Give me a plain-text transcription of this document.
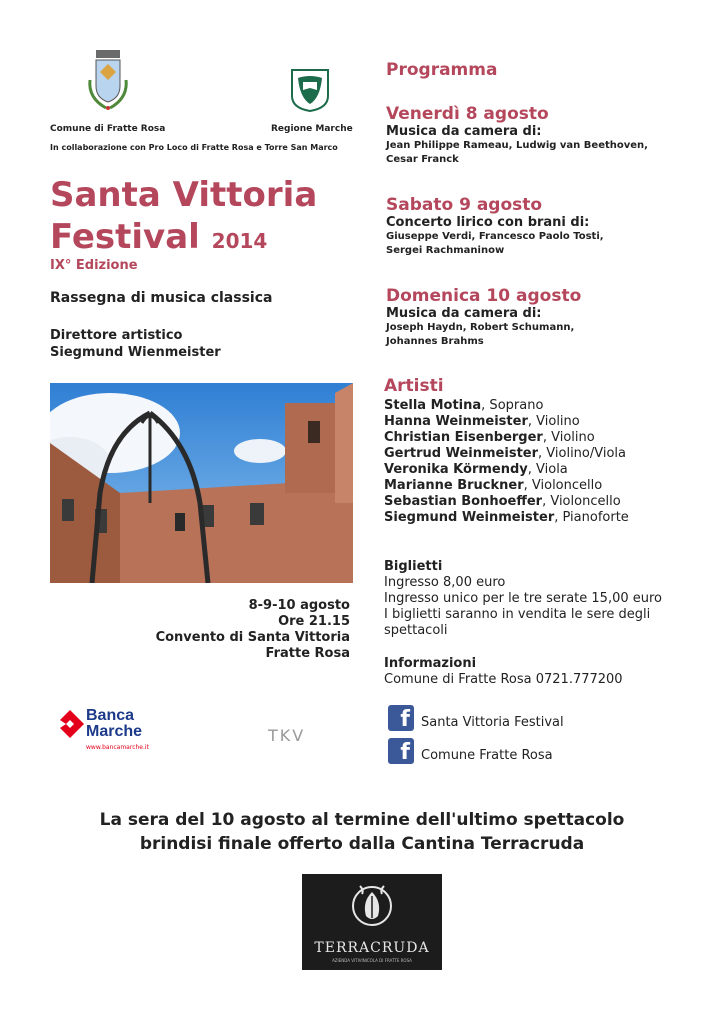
Comune di Fratte Rosa	Regione Marche
In collaborazione con Pro Loco di Fratte Rosa e Torre San Marco
Santa Vittoria
Festival 2014
IX° Edizione
Rassegna di musica classica
Direttore artistico
Siegmund Wienmeister
8-9-10 agosto
Ore 21.15
Convento di Santa Vittoria
Fratte Rosa
Banca
Marche
www.bancamarche.it
TKV
Programma
Venerdì 8 agosto
Musica da camera di:
Jean Philippe Rameau, Ludwig van Beethoven,
Cesar Franck
Sabato 9 agosto
Concerto lirico con brani di:
Giuseppe Verdi, Francesco Paolo Tosti,
Sergei Rachmaninow
Domenica 10 agosto
Musica da camera di:
Joseph Haydn, Robert Schumann,
Johannes Brahms
Artisti
Stella Motina, Soprano
Hanna Weinmeister, Violino
Christian Eisenberger, Violino
Gertrud Weinmeister, Violino/Viola
Veronika Körmendy, Viola
Marianne Bruckner, Violoncello
Sebastian Bonhoeffer, Violoncello
Siegmund Weinmeister, Pianoforte
Biglietti
Ingresso 8,00 euro
Ingresso unico per le tre serate 15,00 euro
I biglietti saranno in vendita le sere degli
spettacoli
Informazioni
Comune di Fratte Rosa 0721.777200
f Santa Vittoria Festival
f Comune Fratte Rosa
La sera del 10 agosto al termine dell'ultimo spettacolo
brindisi finale offerto dalla Cantina Terracruda
TERRACRUDA
AZIENDA VITIVINICOLA DI FRATTE ROSA
